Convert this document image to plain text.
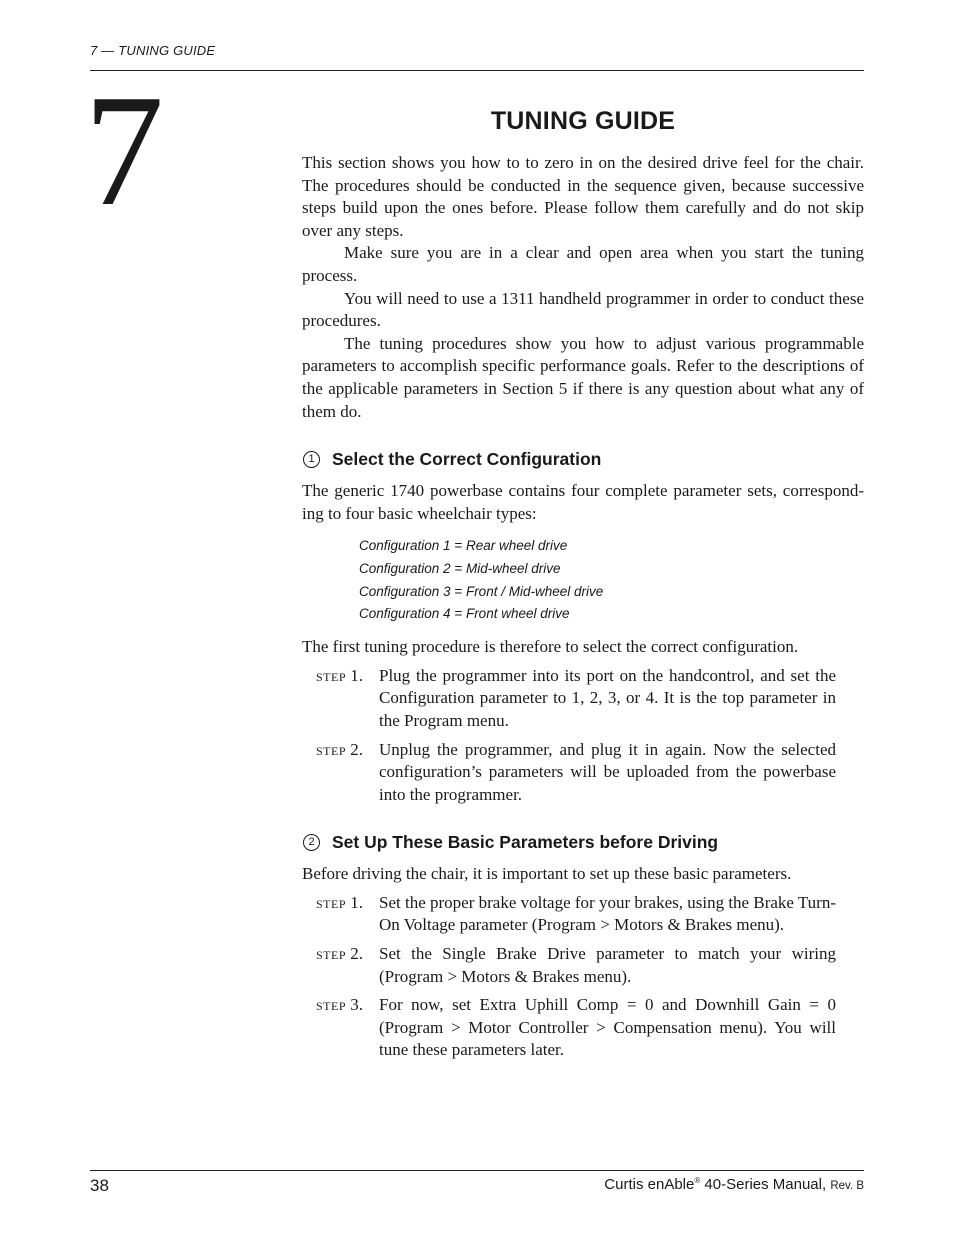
7 — TUNING GUIDE
7	TUNING GUIDE

This section shows you how to to zero in on the desired drive feel for the chair. The procedures should be conducted in the sequence given, because successive steps build upon the ones before. Please follow them carefully and do not skip over any steps.

Make sure you are in a clear and open area when you start the tuning process.

You will need to use a 1311 handheld programmer in order to conduct these procedures.

The tuning procedures show you how to adjust various programmable parameters to accomplish specific performance goals. Refer to the descriptions of the applicable parameters in Section 5 if there is any question about what any of them do.

1 Select the Correct Configuration

The generic 1740 powerbase contains four complete parameter sets, correspond-ing to four basic wheelchair types:

Configuration 1 = Rear wheel drive
Configuration 2 = Mid-wheel drive
Configuration 3 = Front / Mid-wheel drive
Configuration 4 = Front wheel drive

The first tuning procedure is therefore to select the correct configuration.

STEP 1. Plug the programmer into its port on the handcontrol, and set the Configuration parameter to 1, 2, 3, or 4. It is the top parameter in the Program menu.
STEP 2. Unplug the programmer, and plug it in again. Now the selected configuration’s parameters will be uploaded from the powerbase into the programmer.
2 Set Up These Basic Parameters before Driving

Before driving the chair, it is important to set up these basic parameters.

STEP 1. Set the proper brake voltage for your brakes, using the Brake Turn-On Voltage parameter (Program > Motors & Brakes menu).
STEP 2. Set the Single Brake Drive parameter to match your wiring (Program > Motors & Brakes menu).
STEP 3. For now, set Extra Uphill Comp = 0 and Downhill Gain = 0 (Program > Motor Controller > Compensation menu). You will tune these parameters later.
38	Curtis enAble® 40-Series Manual, Rev. B
